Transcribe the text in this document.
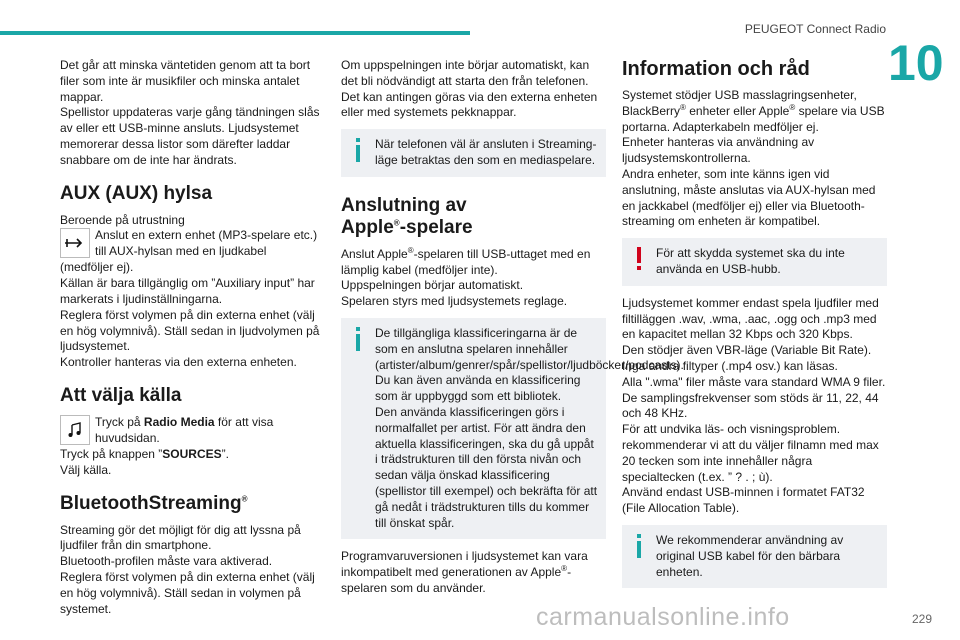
PEUGEOT Connect Radio
10

Det går att minska väntetiden genom att ta bort filer som inte är musikfiler och minska antalet mappar.

Spellistor uppdateras varje gång tändningen slås av eller ett USB-minne ansluts. Ljudsystemet memorerar dessa listor som därefter laddar snabbare om de inte har ändrats.

AUX (AUX) hylsa

Beroende på utrustning

Anslut en extern enhet (MP3-spelare etc.) till AUX-hylsan med en ljudkabel

(medföljer ej).

Källan är bara tillgänglig om ”Auxiliary input” har markerats i ljudinställningarna.

Reglera först volymen på din externa enhet (välj en hög volymnivå). Ställ sedan in ljudvolymen på ljudsystemet.

Kontroller hanteras via den externa enheten.

Att välja källa
Tryck på Radio Media för att visa huvudsidan.

Tryck på knappen ”SOURCES”.

Välj källa.

BluetoothStreaming®

Streaming gör det möjligt för dig att lyssna på ljudfiler från din smartphone.

Bluetooth-profilen måste vara aktiverad.

Reglera först volymen på din externa enhet (välj en hög volymnivå). Ställ sedan in volymen på systemet.

Om uppspelningen inte börjar automatiskt, kan det bli nödvändigt att starta den från telefonen.

Det kan antingen göras via den externa enheten eller med systemets pekknappar.

När telefonen väl är ansluten i Streaming-läge betraktas den som en mediaspelare.
Anslutning av
Apple®-spelare

Anslut Apple®-spelaren till USB-uttaget med en lämplig kabel (medföljer inte).

Uppspelningen börjar automatiskt.

Spelaren styrs med ljudsystemets reglage.

De tillgängliga klassificeringarna är de som en anslutna spelaren innehåller (artister/album/genrer/spår/spellistor/ljudböcker/podcasts). Du kan även använda en klassificering som är uppbyggd som ett bibliotek.

Den använda klassificeringen görs i normalfallet per artist. För att ändra den aktuella klassificeringen, ska du gå uppåt i trädstrukturen till den första nivån och sedan välja önskad klassificering (spellistor till exempel) och bekräfta för att gå nedåt i trädstrukturen tills du kommer till önskat spår.

Programvaruversionen i ljudsystemet kan vara inkompatibelt med generationen av Apple®-spelaren som du använder.

Information och råd

Systemet stödjer USB masslagringsenheter, BlackBerry® enheter eller Apple® spelare via USB portarna. Adapterkabeln medföljer ej.

Enheter hanteras via användning av ljudsystemskontrollerna.

Andra enheter, som inte känns igen vid anslutning, måste anslutas via AUX-hylsan med en jackkabel (medföljer ej) eller via Bluetooth-streaming om enheten är kompatibel.

För att skydda systemet ska du inte använda en USB-hubb.

Ljudsystemet kommer endast spela ljudfiler med filtilläggen .wav, .wma, .aac, .ogg och .mp3 med en kapacitet mellan 32 Kbps och 320 Kbps.

Den stödjer även VBR-läge (Variable Bit Rate).

Inga andra filtyper (.mp4 osv.) kan läsas.

Alla ".wma" filer måste vara standard WMA 9 filer.

De samplingsfrekvenser som stöds är 11, 22, 44 och 48 KHz.

För att undvika läs- och visningsproblem. rekommenderar vi att du väljer filnamn med max 20 tecken som inte innehåller några specialtecken (t.ex. ” ? . ; ù).

Använd endast USB-minnen i formatet FAT32 (File Allocation Table).

We rekommenderar användning av original USB kabel för den bärbara enheten.
229
carmanualsonline.info
